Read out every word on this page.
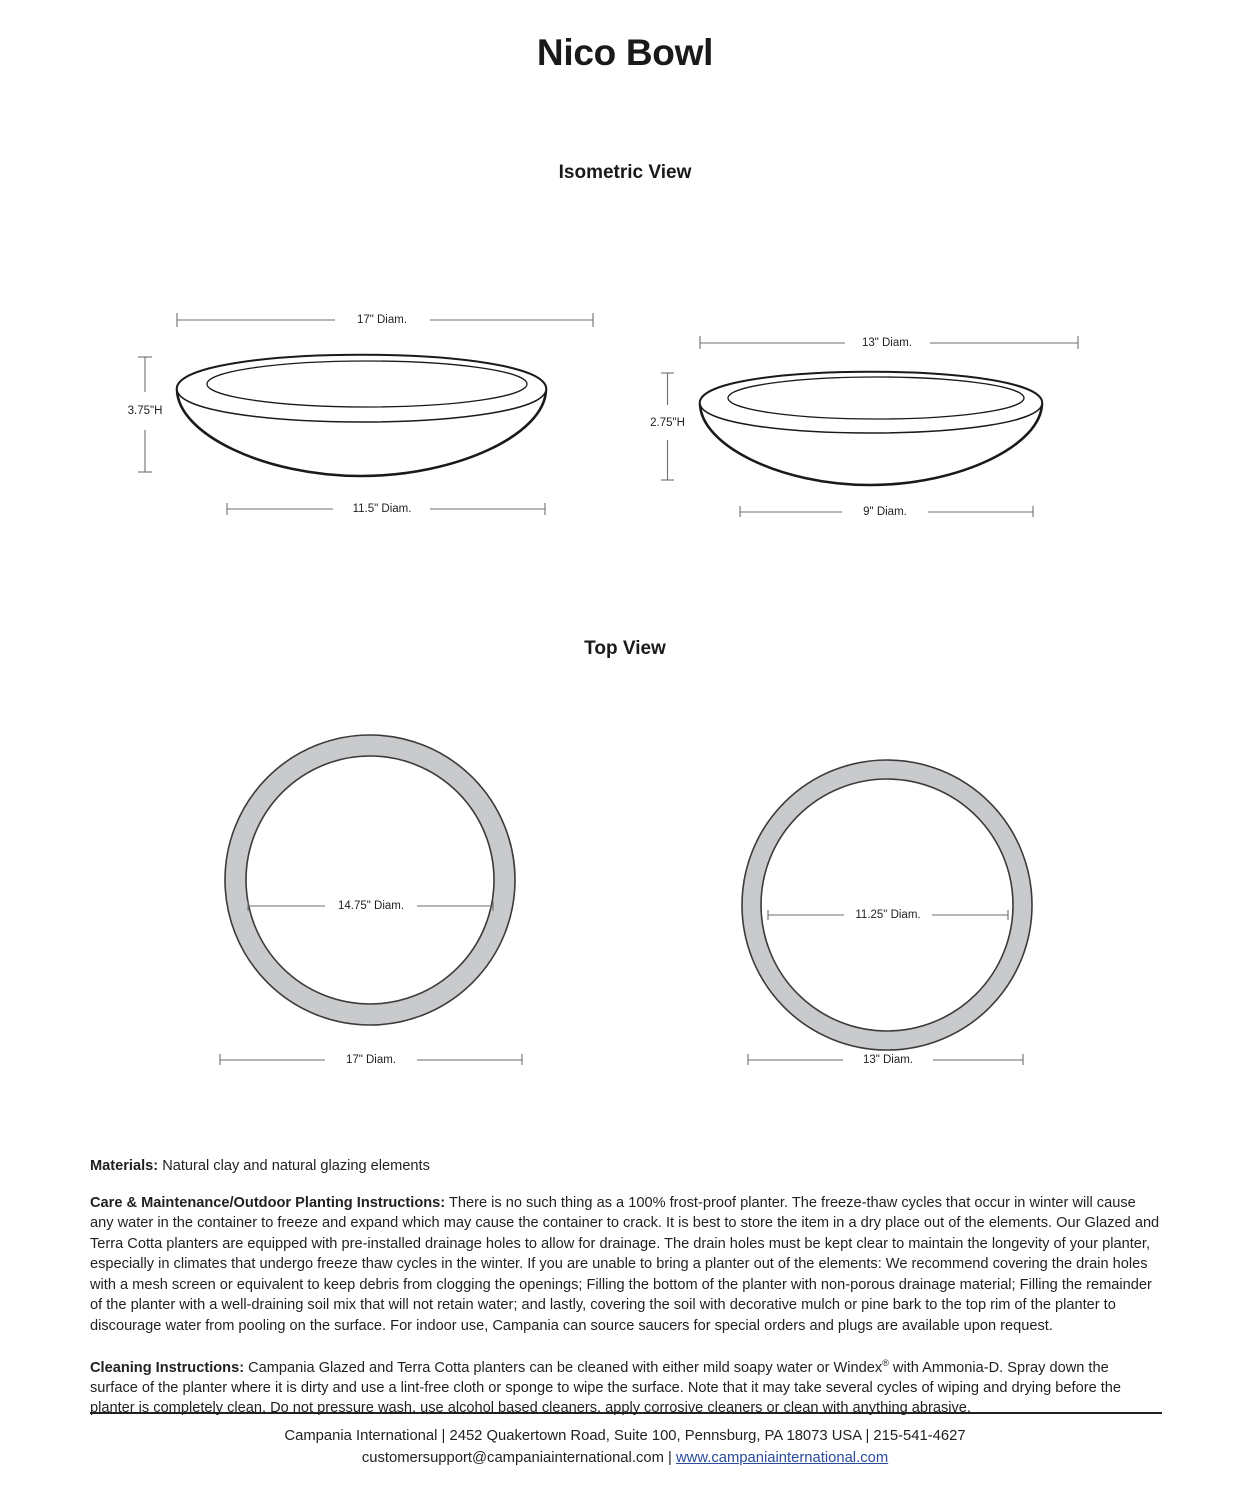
Nico Bowl
Isometric View
17" Diam.
3.75"H
11.5" Diam.
13" Diam.
2.75"H
9" Diam.
Top View
14.75" Diam.
17" Diam.
11.25" Diam.
13" Diam.

Materials: Natural clay and natural glazing elements

Care & Maintenance/Outdoor Planting Instructions: There is no such thing as a 100% frost-proof planter. The freeze-thaw cycles that occur in winter will cause any water in the container to freeze and expand which may cause the container to crack. It is best to store the item in a dry place out of the elements. Our Glazed and Terra Cotta planters are equipped with pre-installed drainage holes to allow for drainage. The drain holes must be kept clear to maintain the longevity of your planter, especially in climates that undergo freeze thaw cycles in the winter. If you are unable to bring a planter out of the elements: We recommend covering the drain holes with a mesh screen or equivalent to keep debris from clogging the openings; Filling the bottom of the planter with non-porous drainage material; Filling the remainder of the planter with a well-draining soil mix that will not retain water; and lastly, covering the soil with decorative mulch or pine bark to the top rim of the planter to discourage water from pooling on the surface. For indoor use, Campania can source saucers for special orders and plugs are available upon request.

Cleaning Instructions: Campania Glazed and Terra Cotta planters can be cleaned with either mild soapy water or Windex® with Ammonia-D. Spray down the surface of the planter where it is dirty and use a lint-free cloth or sponge to wipe the surface. Note that it may take several cycles of wiping and drying before the planter is completely clean. Do not pressure wash, use alcohol based cleaners, apply corrosive cleaners or clean with anything abrasive.

Campania International | 2452 Quakertown Road, Suite 100, Pennsburg, PA 18073 USA | 215-541-4627
customersupport@campaniainternational.com | www.campaniainternational.com
